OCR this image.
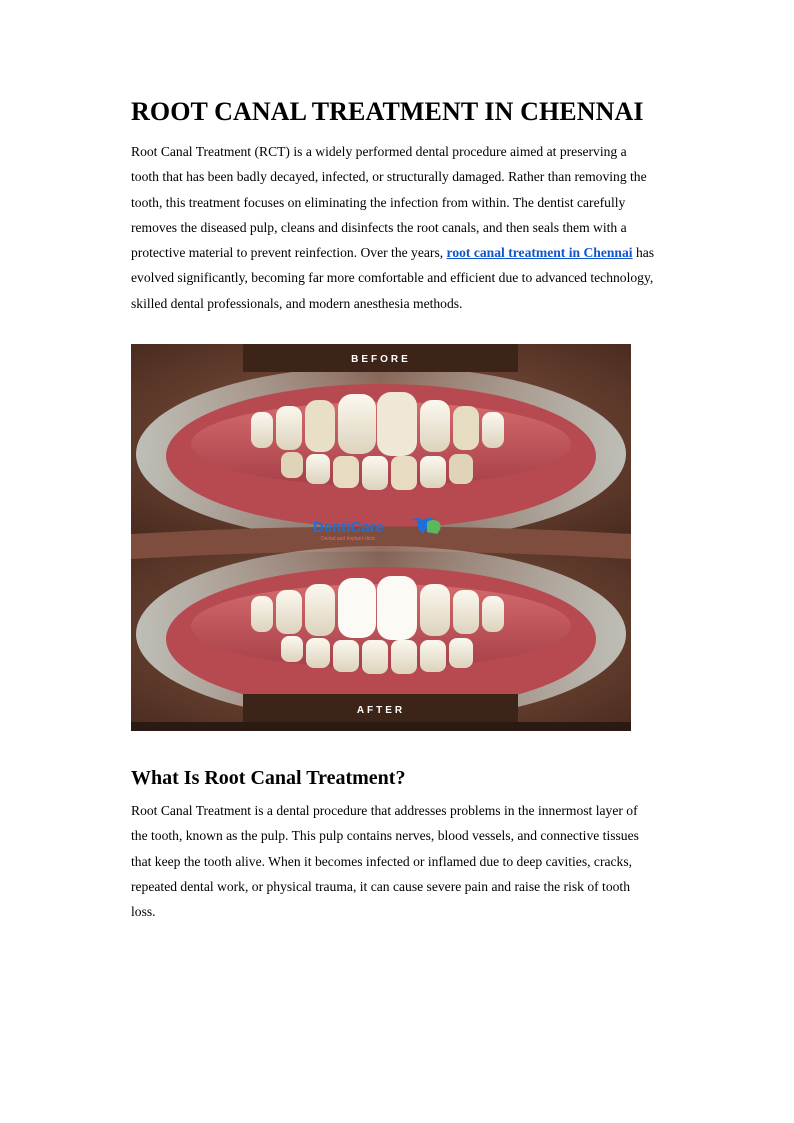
ROOT CANAL TREATMENT IN CHENNAI

Root Canal Treatment (RCT) is a widely performed dental procedure aimed at preserving a
tooth that has been badly decayed, infected, or structurally damaged. Rather than removing the
tooth, this treatment focuses on eliminating the infection from within. The dentist carefully
removes the diseased pulp, cleans and disinfects the root canals, and then seals them with a
protective material to prevent reinfection. Over the years, root canal treatment in Chennai has
evolved significantly, becoming far more comfortable and efficient due to advanced technology,
skilled dental professionals, and modern anesthesia methods.

BEFORE
AFTER
DentiCare
Dental and Implant clinic
What Is Root Canal Treatment?

Root Canal Treatment is a dental procedure that addresses problems in the innermost layer of
the tooth, known as the pulp. This pulp contains nerves, blood vessels, and connective tissues
that keep the tooth alive. When it becomes infected or inflamed due to deep cavities, cracks,
repeated dental work, or physical trauma, it can cause severe pain and raise the risk of tooth
loss.
